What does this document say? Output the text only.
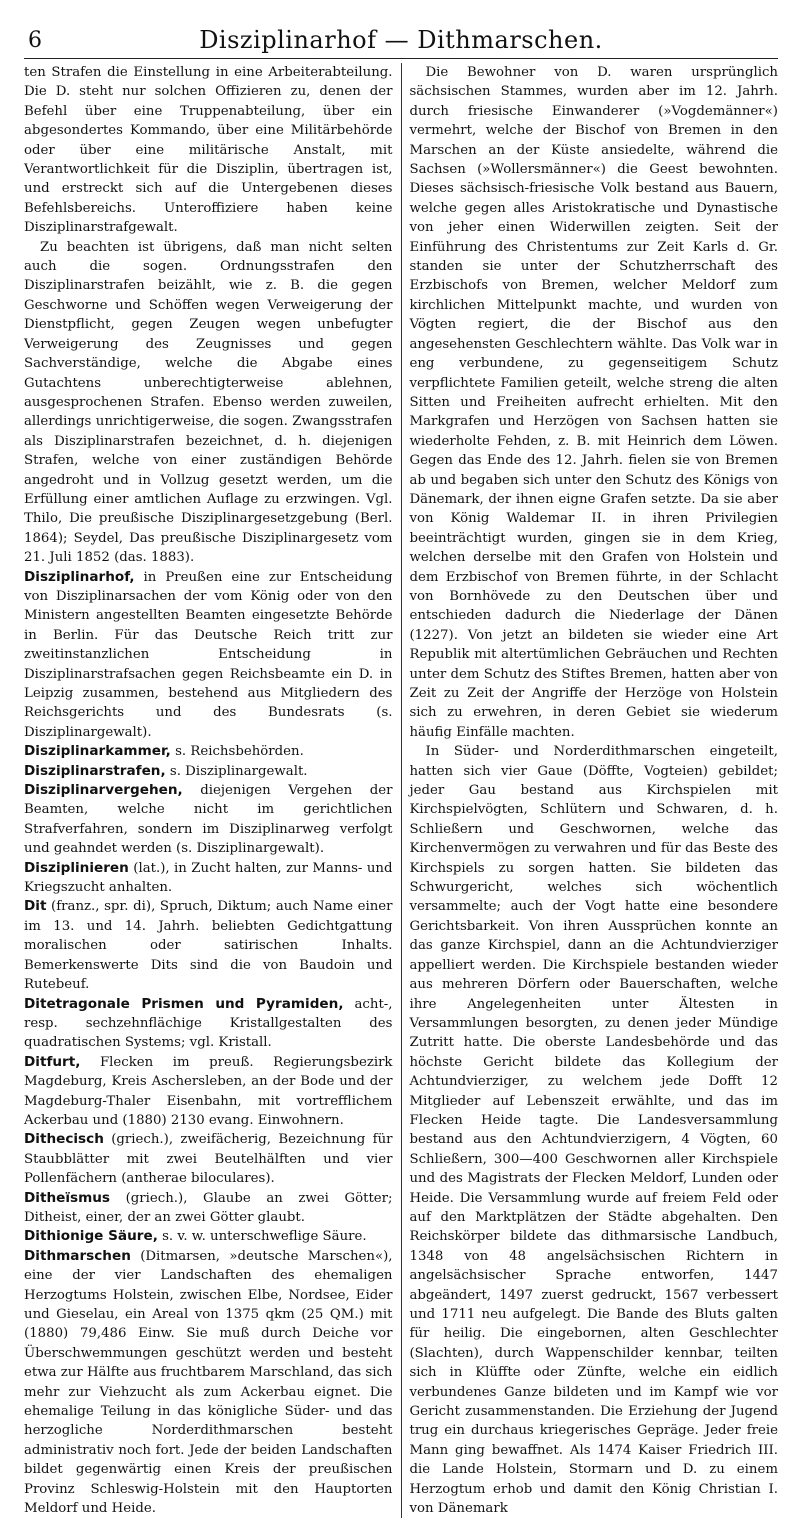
6	Disziplinarhof — Dithmarschen.

ten Strafen die Einstellung in eine Arbeiterabteilung. Die D. steht nur solchen Offizieren zu, denen der Befehl über eine Truppenabteilung, über ein abgesondertes Kommando, über eine Militärbehörde oder über eine militärische Anstalt, mit Verantwortlichkeit für die Disziplin, übertragen ist, und erstreckt sich auf die Untergebenen dieses Befehlsbereichs. Unteroffiziere haben keine Disziplinarstrafgewalt.

Zu beachten ist übrigens, daß man nicht selten auch die sogen. Ordnungsstrafen den Disziplinarstrafen beizählt, wie z. B. die gegen Geschworne und Schöffen wegen Verweigerung der Dienstpflicht, gegen Zeugen wegen unbefugter Verweigerung des Zeugnisses und gegen Sachverständige, welche die Abgabe eines Gutachtens unberechtigterweise ablehnen, ausgesprochenen Strafen. Ebenso werden zuweilen, allerdings unrichtigerweise, die sogen. Zwangsstrafen als Disziplinarstrafen bezeichnet, d. h. diejenigen Strafen, welche von einer zuständigen Behörde angedroht und in Vollzug gesetzt werden, um die Erfüllung einer amtlichen Auflage zu erzwingen. Vgl. Thilo, Die preußische Disziplinargesetzgebung (Berl. 1864); Seydel, Das preußische Disziplinargesetz vom 21. Juli 1852 (das. 1883).

Disziplinarhof, in Preußen eine zur Entscheidung von Disziplinarsachen der vom König oder von den Ministern angestellten Beamten eingesetzte Behörde in Berlin. Für das Deutsche Reich tritt zur zweitinstanzlichen Entscheidung in Disziplinarstrafsachen gegen Reichsbeamte ein D. in Leipzig zusammen, bestehend aus Mitgliedern des Reichsgerichts und des Bundesrats (s. Disziplinargewalt).

Disziplinarkammer, s. Reichsbehörden.

Disziplinarstrafen, s. Disziplinargewalt.

Disziplinarvergehen, diejenigen Vergehen der Beamten, welche nicht im gerichtlichen Strafverfahren, sondern im Disziplinarweg verfolgt und geahndet werden (s. Disziplinargewalt).

Disziplinieren (lat.), in Zucht halten, zur Manns- und Kriegszucht anhalten.

Dit (franz., spr. di), Spruch, Diktum; auch Name einer im 13. und 14. Jahrh. beliebten Gedichtgattung moralischen oder satirischen Inhalts. Bemerkenswerte Dits sind die von Baudoin und Rutebeuf.

Ditetragonale Prismen und Pyramiden, acht-, resp. sechzehnflächige Kristallgestalten des quadratischen Systems; vgl. Kristall.

Ditfurt, Flecken im preuß. Regierungsbezirk Magdeburg, Kreis Aschersleben, an der Bode und der Magdeburg-Thaler Eisenbahn, mit vortrefflichem Ackerbau und (1880) 2130 evang. Einwohnern.

Dithecisch (griech.), zweifächerig, Bezeichnung für Staubblätter mit zwei Beutelhälften und vier Pollenfächern (antherae biloculares).

Ditheïsmus (griech.), Glaube an zwei Götter; Ditheist, einer, der an zwei Götter glaubt.

Dithionige Säure, s. v. w. unterschweflige Säure.

Dithmarschen (Ditmarsen, »deutsche Marschen«), eine der vier Landschaften des ehemaligen Herzogtums Holstein, zwischen Elbe, Nordsee, Eider und Gieselau, ein Areal von 1375 qkm (25 QM.) mit (1880) 79,486 Einw. Sie muß durch Deiche vor Überschwemmungen geschützt werden und besteht etwa zur Hälfte aus fruchtbarem Marschland, das sich mehr zur Viehzucht als zum Ackerbau eignet. Die ehemalige Teilung in das königliche Süder- und das herzogliche Norderdithmarschen besteht administrativ noch fort. Jede der beiden Landschaften bildet gegenwärtig einen Kreis der preußischen Provinz Schleswig-Holstein mit den Hauptorten Meldorf und Heide.

Die Bewohner von D. waren ursprünglich sächsischen Stammes, wurden aber im 12. Jahrh. durch friesische Einwanderer (»Vogdemänner«) vermehrt, welche der Bischof von Bremen in den Marschen an der Küste ansiedelte, während die Sachsen (»Wollersmänner«) die Geest bewohnten. Dieses sächsisch-friesische Volk bestand aus Bauern, welche gegen alles Aristokratische und Dynastische von jeher einen Widerwillen zeigten. Seit der Einführung des Christentums zur Zeit Karls d. Gr. standen sie unter der Schutzherrschaft des Erzbischofs von Bremen, welcher Meldorf zum kirchlichen Mittelpunkt machte, und wurden von Vögten regiert, die der Bischof aus den angesehensten Geschlechtern wählte. Das Volk war in eng verbundene, zu gegenseitigem Schutz verpflichtete Familien geteilt, welche streng die alten Sitten und Freiheiten aufrecht erhielten. Mit den Markgrafen und Herzögen von Sachsen hatten sie wiederholte Fehden, z. B. mit Heinrich dem Löwen. Gegen das Ende des 12. Jahrh. fielen sie von Bremen ab und begaben sich unter den Schutz des Königs von Dänemark, der ihnen eigne Grafen setzte. Da sie aber von König Waldemar II. in ihren Privilegien beeinträchtigt wurden, gingen sie in dem Krieg, welchen derselbe mit den Grafen von Holstein und dem Erzbischof von Bremen führte, in der Schlacht von Bornhövede zu den Deutschen über und entschieden dadurch die Niederlage der Dänen (1227). Von jetzt an bildeten sie wieder eine Art Republik mit altertümlichen Gebräuchen und Rechten unter dem Schutz des Stiftes Bremen, hatten aber von Zeit zu Zeit der Angriffe der Herzöge von Holstein sich zu erwehren, in deren Gebiet sie wiederum häufig Einfälle machten.

In Süder- und Norderdithmarschen eingeteilt, hatten sich vier Gaue (Döffte, Vogteien) gebildet; jeder Gau bestand aus Kirchspielen mit Kirchspielvögten, Schlütern und Schwaren, d. h. Schließern und Geschwornen, welche das Kirchenvermögen zu verwahren und für das Beste des Kirchspiels zu sorgen hatten. Sie bildeten das Schwurgericht, welches sich wöchentlich versammelte; auch der Vogt hatte eine besondere Gerichtsbarkeit. Von ihren Aussprüchen konnte an das ganze Kirchspiel, dann an die Achtundvierziger appelliert werden. Die Kirchspiele bestanden wieder aus mehreren Dörfern oder Bauerschaften, welche ihre Angelegenheiten unter Ältesten in Versammlungen besorgten, zu denen jeder Mündige Zutritt hatte. Die oberste Landesbehörde und das höchste Gericht bildete das Kollegium der Achtundvierziger, zu welchem jede Dofft 12 Mitglieder auf Lebenszeit erwählte, und das im Flecken Heide tagte. Die Landesversammlung bestand aus den Achtundvierzigern, 4 Vögten, 60 Schließern, 300—400 Geschwornen aller Kirchspiele und des Magistrats der Flecken Meldorf, Lunden oder Heide. Die Versammlung wurde auf freiem Feld oder auf den Marktplätzen der Städte abgehalten. Den Reichskörper bildete das dithmarsische Landbuch, 1348 von 48 angelsächsischen Richtern in angelsächsischer Sprache entworfen, 1447 abgeändert, 1497 zuerst gedruckt, 1567 verbessert und 1711 neu aufgelegt. Die Bande des Bluts galten für heilig. Die eingebornen, alten Geschlechter (Slachten), durch Wappenschilder kennbar, teilten sich in Klüffte oder Zünfte, welche ein eidlich verbundenes Ganze bildeten und im Kampf wie vor Gericht zusammenstanden. Die Erziehung der Jugend trug ein durchaus kriegerisches Gepräge. Jeder freie Mann ging bewaffnet. Als 1474 Kaiser Friedrich III. die Lande Holstein, Stormarn und D. zu einem Herzogtum erhob und damit den König Christian I. von Dänemark
